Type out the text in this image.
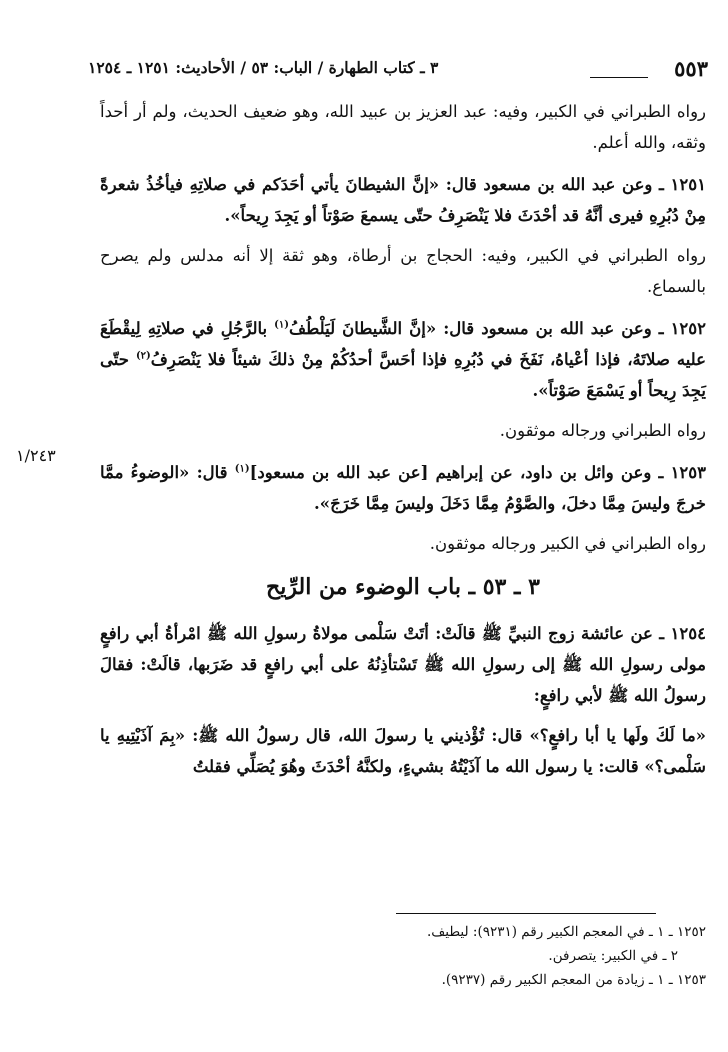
٥٥٣
٣ ـ كتاب الطهارة / الباب: ٥٣ / الأحاديث: ١٢٥١ ـ ١٢٥٤
١/٢٤٣

رواه الطبراني في الكبير، وفيه: عبد العزيز بن عبيد الله، وهو ضعيف الحديث، ولم أر أحداً وثقه، والله أعلم.

١٢٥١ ـ وعن عبد الله بن مسعود قال: «إنَّ الشيطانَ يأتي أحَدَكم في صلاتِهِ فيأخُذُ شعرةً مِنْ دُبُرِهِ فيرى أنَّهُ قد أحْدَثَ فلا يَنْصَرِفُ حتّى يسمعَ صَوْتاً أو يَجِدَ رِيحاً».

رواه الطبراني في الكبير، وفيه: الحجاج بن أرطاة، وهو ثقة إلا أنه مدلس ولم يصرح بالسماع.

١٢٥٢ ـ وعن عبد الله بن مسعود قال: «إنَّ الشَّيطانَ لَيَلْطُفُ$^{(١)}$ بالرَّجُلِ في صلاتِهِ لِيقْطَعَ عليه صلاتَهُ، فإذا أعْياهُ، نَفَخَ في دُبُرِهِ فإذا أحَسَّ أحدُكُمْ مِنْ ذلكَ شيئاً فلا يَنْصَرِفُ$^{(٢)}$ حتّى يَجِدَ رِيحاً أو يَسْمَعَ صَوْتاً».

رواه الطبراني ورجاله موثقون.

١٢٥٣ ـ وعن وائل بن داود، عن إبراهيم [عن عبد الله بن مسعود]$^{(١)}$ قال: «الوضوءُ ممَّا خرجَ وليسَ مِمَّا دخلَ، والصَّوْمُ مِمَّا دَخَلَ وليسَ مِمَّا خَرَجَ».

رواه الطبراني في الكبير ورجاله موثقون.

٣ ـ ٥٣ ـ باب الوضوء من الرِّيح

١٢٥٤ ـ عن عائشة زوج النبيِّ ﷺ قالَتْ: أتَتْ سَلْمى مولاةُ رسولِ الله ﷺ امْرأةُ أبي رافعٍ مولى رسولِ الله ﷺ إلى رسولِ الله ﷺ تَسْتأذِنُهُ على أبي رافعٍ قد ضَرَبها، قالَتْ: فقالَ رسولُ الله ﷺ لأبي رافعٍ:

«ما لَكَ ولَها يا أبا رافعٍ؟» قال: تُؤْذيني يا رسولَ الله، قال رسولُ الله ﷺ: «بِمَ آذَيْتِيهِ يا سَلْمى؟» قالت: يا رسول الله ما آذَيْتُهُ بشيءٍ، ولكنَّهُ أحْدَثَ وهُوَ يُصَلِّي فقلتُ

١٢٥٢ ـ ١ ـ في المعجم الكبير رقم (٩٢٣١): ليطيف.

٢ ـ في الكبير: يتصرفن.

١٢٥٣ ـ ١ ـ زيادة من المعجم الكبير رقم (٩٢٣٧).
